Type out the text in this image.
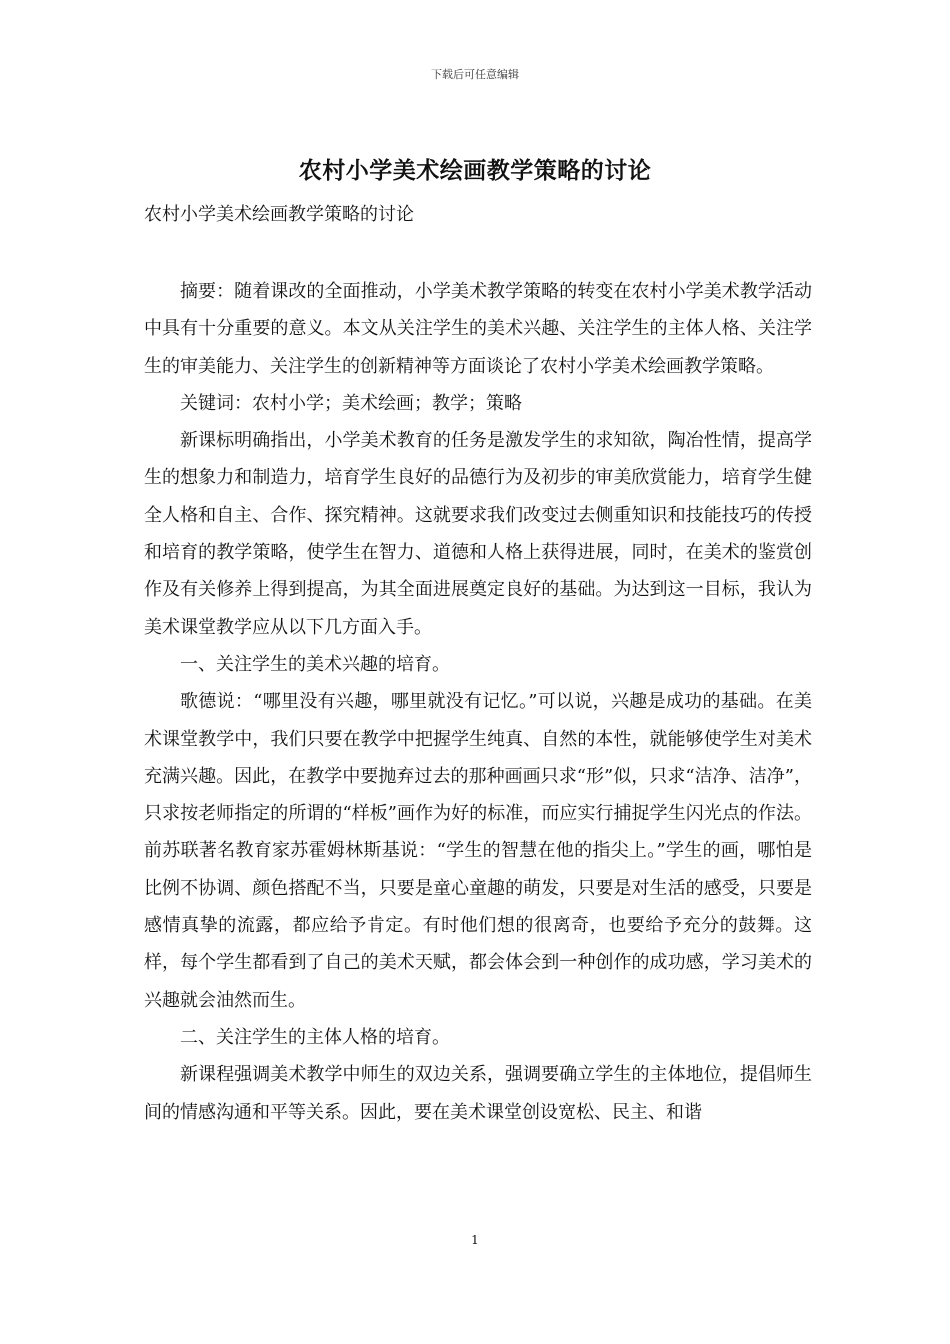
下载后可任意编辑
农村小学美术绘画教学策略的讨论
农村小学美术绘画教学策略的讨论

摘要：随着课改的全面推动，小学美术教学策略的转变在农村小学美术教学活动中具有十分重要的意义。本文从关注学生的美术兴趣、关注学生的主体人格、关注学生的审美能力、关注学生的创新精神等方面谈论了农村小学美术绘画教学策略。

关键词：农村小学；美术绘画；教学；策略

新课标明确指出，小学美术教育的任务是激发学生的求知欲，陶冶性情，提高学生的想象力和制造力，培育学生良好的品德行为及初步的审美欣赏能力，培育学生健全人格和自主、合作、探究精神。这就要求我们改变过去侧重知识和技能技巧的传授和培育的教学策略，使学生在智力、道德和人格上获得进展，同时，在美术的鉴赏创作及有关修养上得到提高，为其全面进展奠定良好的基础。为达到这一目标，我认为美术课堂教学应从以下几方面入手。

一、关注学生的美术兴趣的培育。

歌德说：“哪里没有兴趣，哪里就没有记忆。”可以说，兴趣是成功的基础。在美术课堂教学中，我们只要在教学中把握学生纯真、自然的本性，就能够使学生对美术充满兴趣。因此，在教学中要抛弃过去的那种画画只求“形”似，只求“洁净、洁净”，只求按老师指定的所谓的“样板”画作为好的标准，而应实行捕捉学生闪光点的作法。前苏联著名教育家苏霍姆林斯基说：“学生的智慧在他的指尖上。”学生的画，哪怕是比例不协调、颜色搭配不当，只要是童心童趣的萌发，只要是对生活的感受，只要是感情真挚的流露，都应给予肯定。有时他们想的很离奇，也要给予充分的鼓舞。这样，每个学生都看到了自己的美术天赋，都会体会到一种创作的成功感，学习美术的兴趣就会油然而生。

二、关注学生的主体人格的培育。

新课程强调美术教学中师生的双边关系，强调要确立学生的主体地位，提倡师生间的情感沟通和平等关系。因此，要在美术课堂创设宽松、民主、和谐

1
